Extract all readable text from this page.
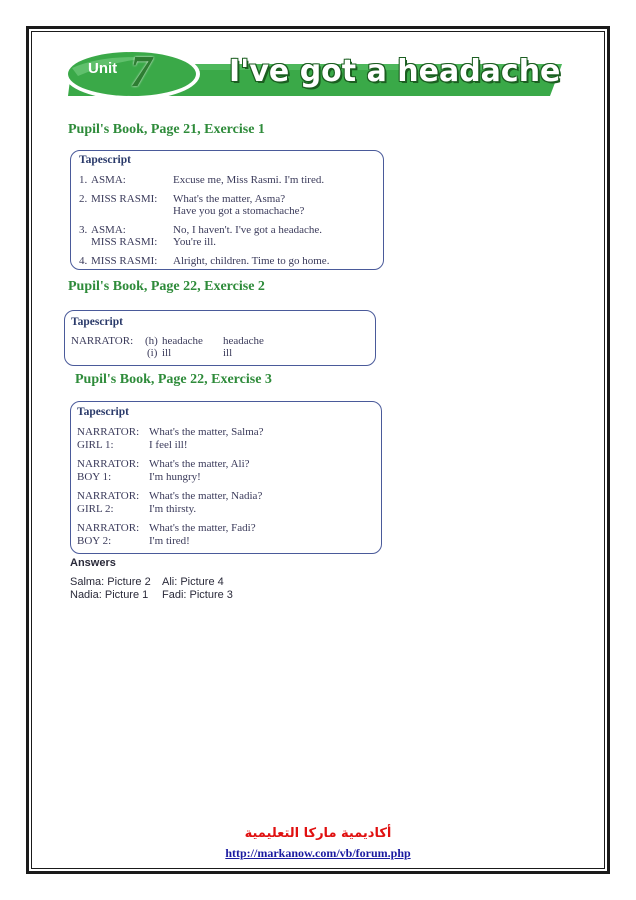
Unit 7	I've got a headache
Pupil's Book, Page 21, Exercise 1
Tapescript
1. ASMA:	Excuse me, Miss Rasmi. I'm tired.
2. MISS RASMI: What's the matter, Asma?
Have you got a stomachache?
3. ASMA:	No, I haven't. I've got a headache.
MISS RASMI: You're ill.
4. MISS RASMI: Alright, children. Time to go home.
Pupil's Book, Page 22, Exercise 2
Tapescript
NARRATOR: (h) headache headache
(i) ill	ill
Pupil's Book, Page 22, Exercise 3
Tapescript
NARRATOR: What's the matter, Salma?
GIRL 1:	I feel ill!
NARRATOR: What's the matter, Ali?
BOY 1:	I'm hungry!
NARRATOR: What's the matter, Nadia?
GIRL 2:	I'm thirsty.
NARRATOR: What's the matter, Fadi?
BOY 2:	I'm tired!
Answers
Salma: Picture 2 Ali: Picture 4
Nadia: Picture 1 Fadi: Picture 3
أكاديمية ماركا التعليمية
http://markanow.com/vb/forum.php
